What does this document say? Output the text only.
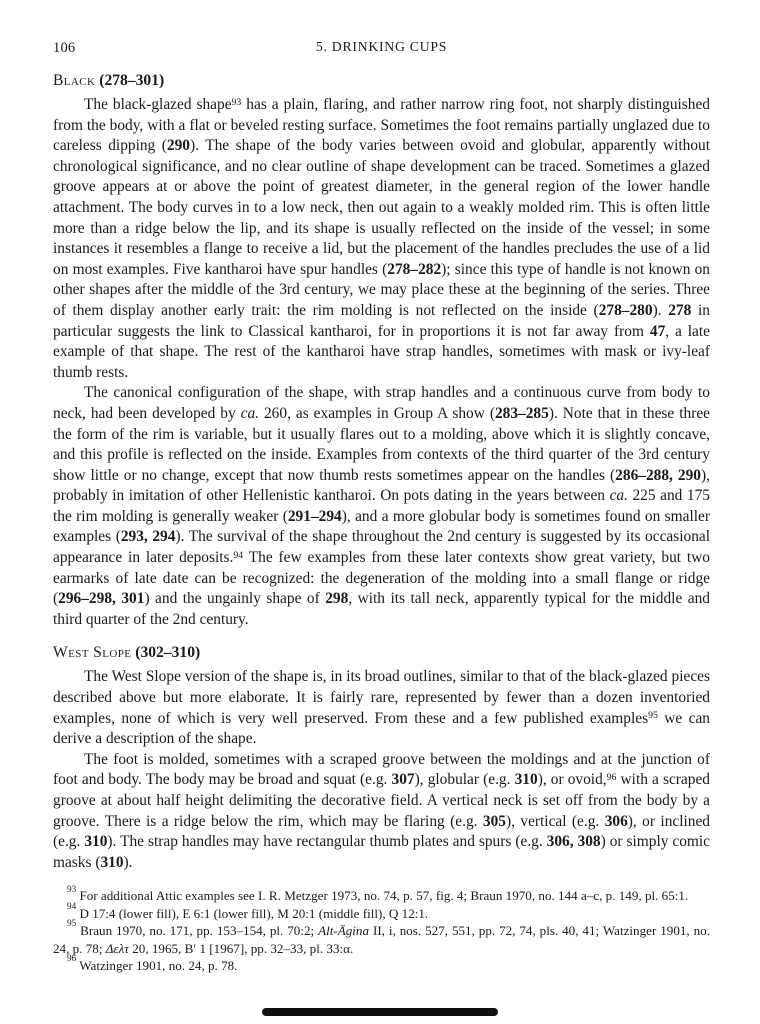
106	5. DRINKING CUPS
Black (278–301)

The black-glazed shape$^{93}$ has a plain, flaring, and rather narrow ring foot, not sharply distinguished from the body, with a flat or beveled resting surface. Sometimes the foot remains partially unglazed due to careless dipping (290). The shape of the body varies between ovoid and globular, apparently without chronological significance, and no clear outline of shape development can be traced. Sometimes a glazed groove appears at or above the point of greatest diameter, in the general region of the lower handle attachment. The body curves in to a low neck, then out again to a weakly molded rim. This is often little more than a ridge below the lip, and its shape is usually reflected on the inside of the vessel; in some instances it resembles a flange to receive a lid, but the placement of the handles precludes the use of a lid on most examples. Five kantharoi have spur handles (278–282); since this type of handle is not known on other shapes after the middle of the 3rd century, we may place these at the beginning of the series. Three of them display another early trait: the rim molding is not reflected on the inside (278–280). 278 in particular suggests the link to Classical kantharoi, for in proportions it is not far away from 47, a late example of that shape. The rest of the kantharoi have strap handles, sometimes with mask or ivy-leaf thumb rests.

The canonical configuration of the shape, with strap handles and a continuous curve from body to neck, had been developed by ca. 260, as examples in Group A show (283–285). Note that in these three the form of the rim is variable, but it usually flares out to a molding, above which it is slightly concave, and this profile is reflected on the inside. Examples from contexts of the third quarter of the 3rd century show little or no change, except that now thumb rests sometimes appear on the handles (286–288, 290), probably in imitation of other Hellenistic kantharoi. On pots dating in the years between ca. 225 and 175 the rim molding is generally weaker (291–294), and a more globular body is sometimes found on smaller examples (293, 294). The survival of the shape throughout the 2nd century is suggested by its occasional appearance in later deposits.$^{94}$ The few examples from these later contexts show great variety, but two earmarks of late date can be recognized: the degeneration of the molding into a small flange or ridge (296–298, 301) and the ungainly shape of 298, with its tall neck, apparently typical for the middle and third quarter of the 2nd century.

West Slope (302–310)

The West Slope version of the shape is, in its broad outlines, similar to that of the black-glazed pieces described above but more elaborate. It is fairly rare, represented by fewer than a dozen inventoried examples, none of which is very well preserved. From these and a few published examples$^{95}$ we can derive a description of the shape.

The foot is molded, sometimes with a scraped groove between the moldings and at the junction of foot and body. The body may be broad and squat (e.g. 307), globular (e.g. 310), or ovoid,$^{96}$ with a scraped groove at about half height delimiting the decorative field. A vertical neck is set off from the body by a groove. There is a ridge below the rim, which may be flaring (e.g. 305), vertical (e.g. 306), or inclined (e.g. 310). The strap handles may have rectangular thumb plates and spurs (e.g. 306, 308) or simply comic masks (310).

$^{93}$ For additional Attic examples see I. R. Metzger 1973, no. 74, p. 57, fig. 4; Braun 1970, no. 144 a–c, p. 149, pl. 65:1.

$^{94}$ D 17:4 (lower fill), E 6:1 (lower fill), M 20:1 (middle fill), Q 12:1.

$^{95}$ Braun 1970, no. 171, pp. 153–154, pl. 70:2; Alt-Ägina II, i, nos. 527, 551, pp. 72, 74, pls. 40, 41; Watzinger 1901, no. 24, p. 78; Δελτ 20, 1965, Β′ 1 [1967], pp. 32–33, pl. 33:α.

$^{96}$ Watzinger 1901, no. 24, p. 78.
